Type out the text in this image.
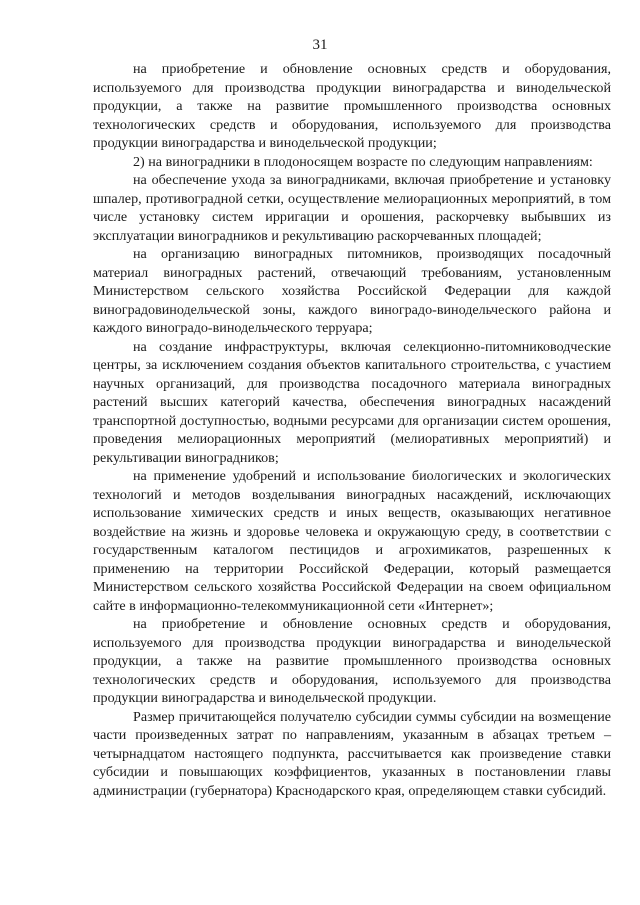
31

на приобретение и обновление основных средств и оборудования, используемого для производства продукции виноградарства и винодельческой продукции, а также на развитие промышленного производства основных технологических средств и оборудования, используемого для производства продукции виноградарства и винодельческой продукции;

2) на виноградники в плодоносящем возрасте по следующим направлениям:

на обеспечение ухода за виноградниками, включая приобретение и установку шпалер, противоградной сетки, осуществление мелиорационных мероприятий, в том числе установку систем ирригации и орошения, раскорчевку выбывших из эксплуатации виноградников и рекультивацию раскорчеванных площадей;

на организацию виноградных питомников, производящих посадочный материал виноградных растений, отвечающий требованиям, установленным Министерством сельского хозяйства Российской Федерации для каждой виноградовинодельческой зоны, каждого виноградо-винодельческого района и каждого виноградо-винодельческого терруара;

на создание инфраструктуры, включая селекционно-питомниководческие центры, за исключением создания объектов капитального строительства, с участием научных организаций, для производства посадочного материала виноградных растений высших категорий качества, обеспечения виноградных насаждений транспортной доступностью, водными ресурсами для организации систем орошения, проведения мелиорационных мероприятий (мелиоративных мероприятий) и рекультивации виноградников;

на применение удобрений и использование биологических и экологических технологий и методов возделывания виноградных насаждений, исключающих использование химических средств и иных веществ, оказывающих негативное воздействие на жизнь и здоровье человека и окружающую среду, в соответствии с государственным каталогом пестицидов и агрохимикатов, разрешенных к применению на территории Российской Федерации, который размещается Министерством сельского хозяйства Российской Федерации на своем официальном сайте в информационно-телекоммуникационной сети «Интернет»;

на приобретение и обновление основных средств и оборудования, используемого для производства продукции виноградарства и винодельческой продукции, а также на развитие промышленного производства основных технологических средств и оборудования, используемого для производства продукции виноградарства и винодельческой продукции.

Размер причитающейся получателю субсидии суммы субсидии на возмещение части произведенных затрат по направлениям, указанным в абзацах третьем – четырнадцатом настоящего подпункта, рассчитывается как произведение ставки субсидии и повышающих коэффициентов, указанных в постановлении главы администрации (губернатора) Краснодарского края, определяющем ставки субсидий.
